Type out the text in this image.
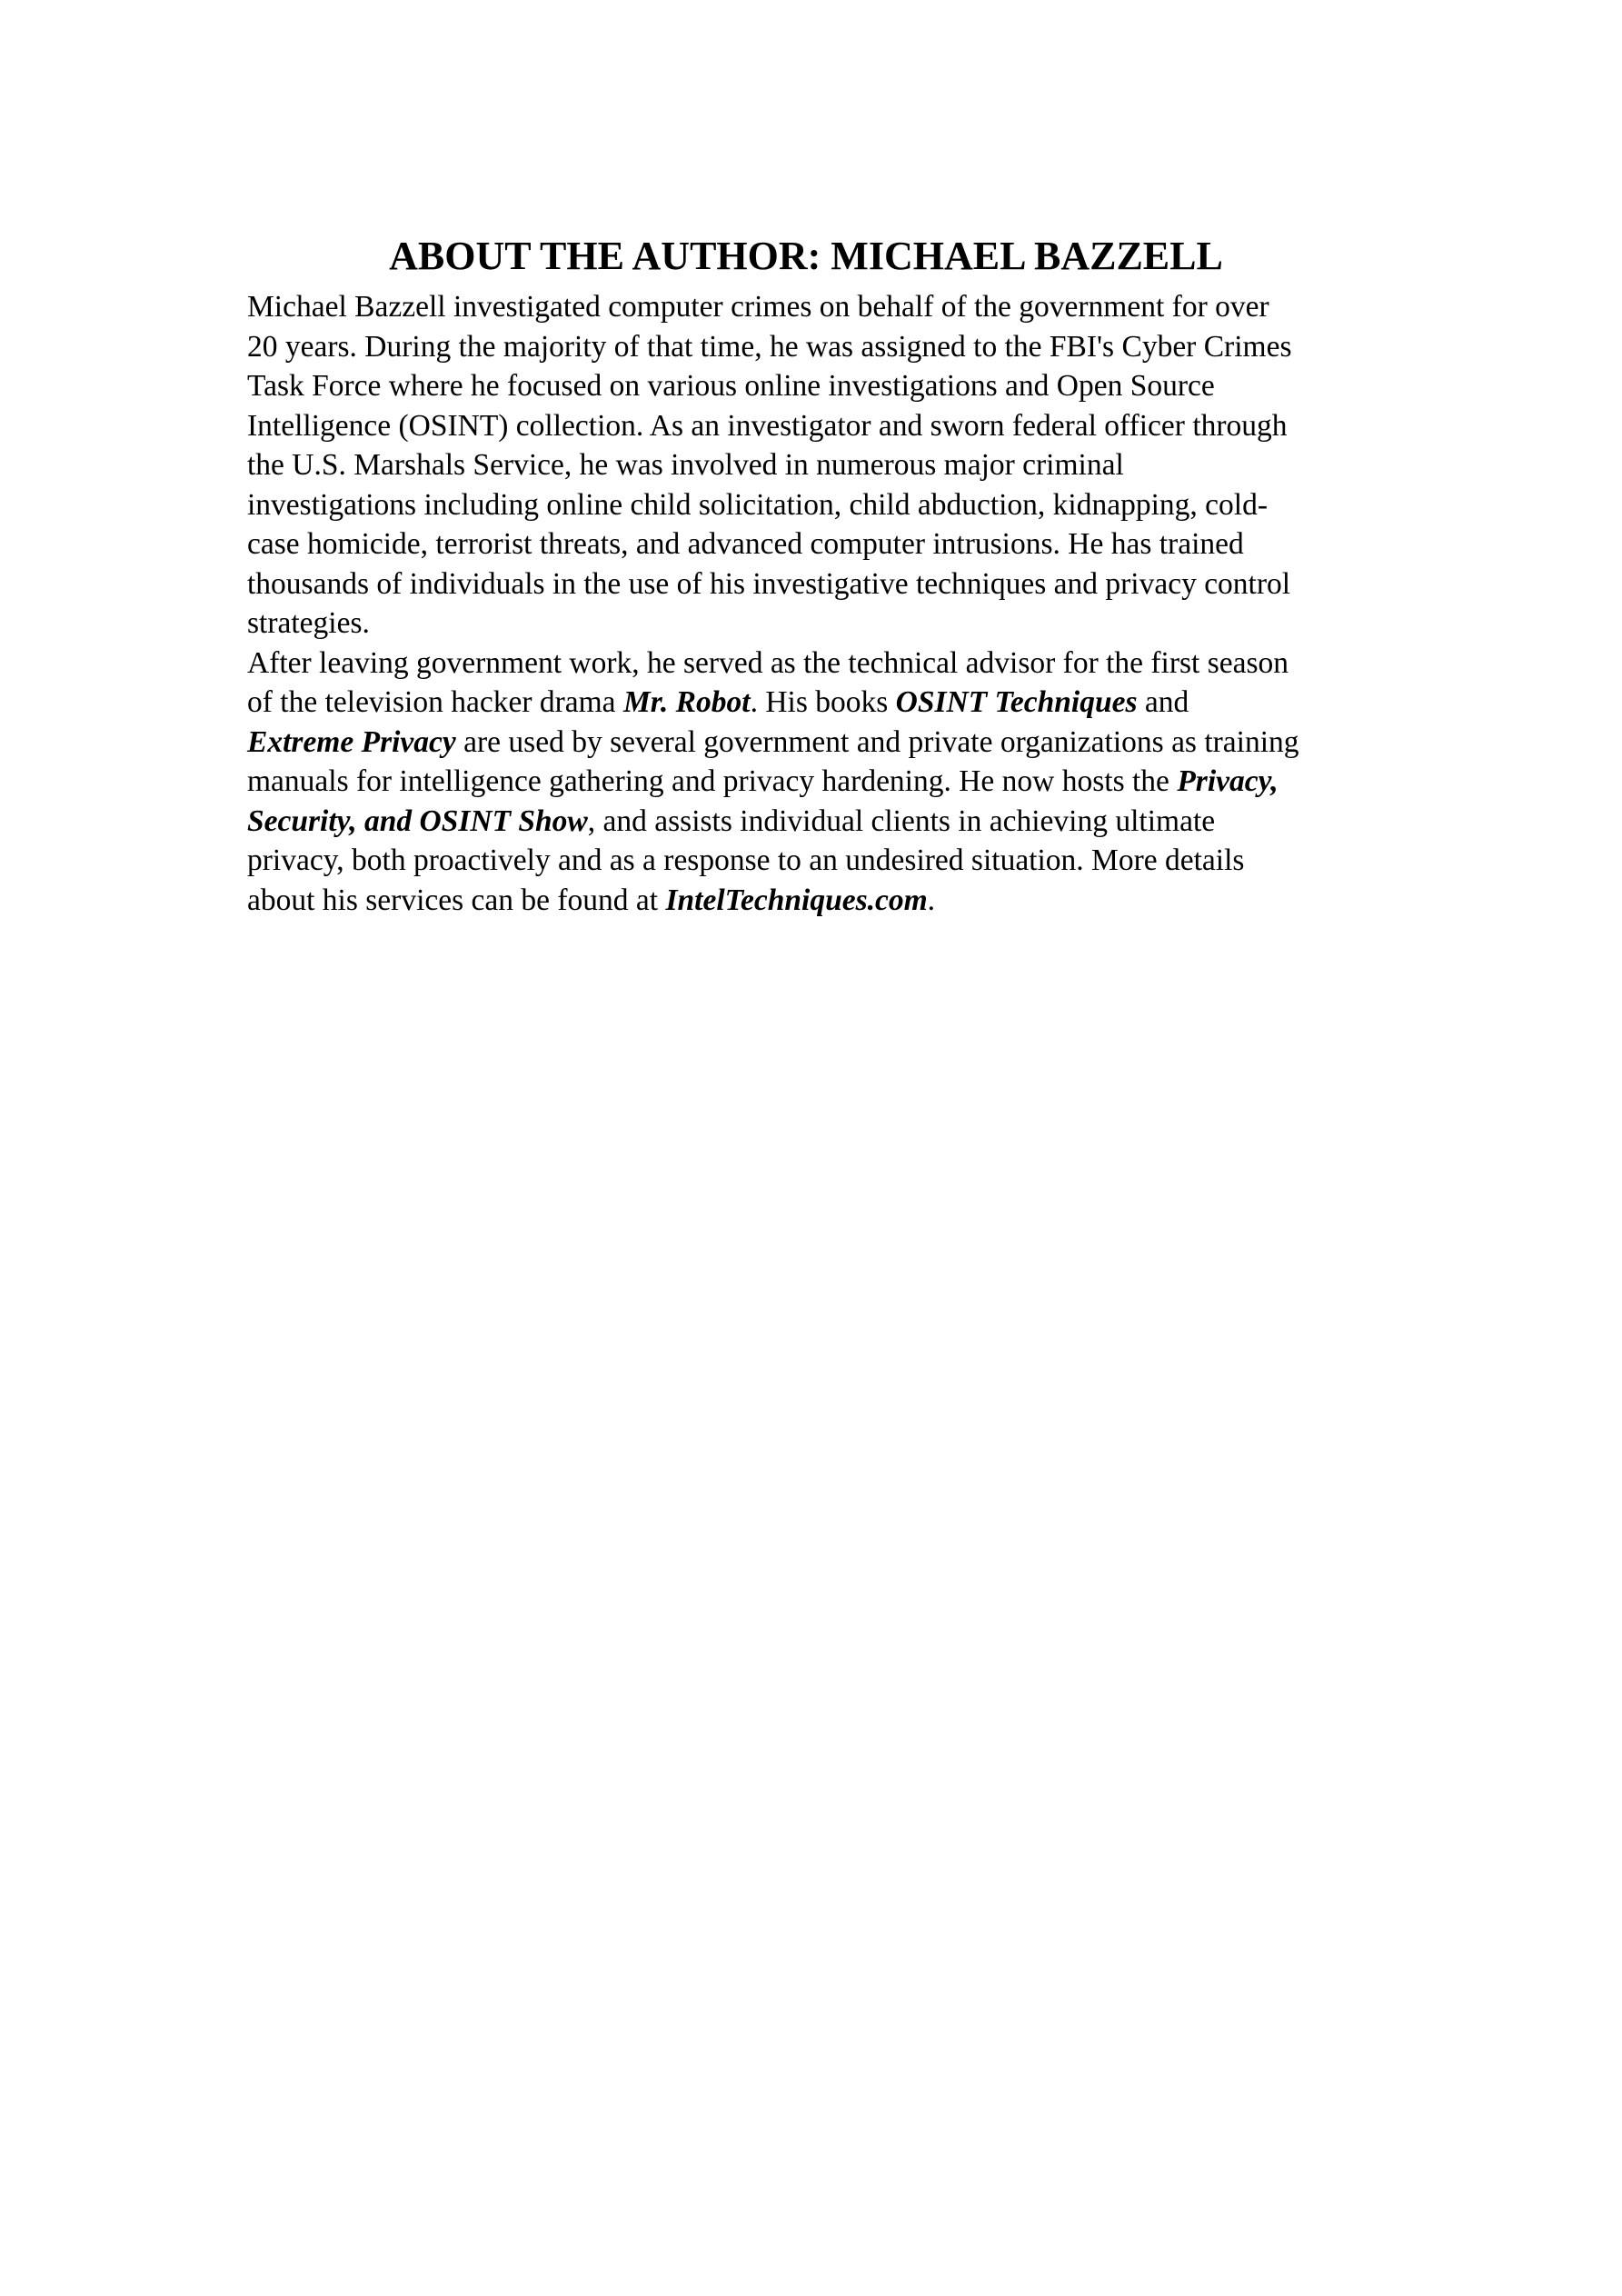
ABOUT THE AUTHOR: MICHAEL BAZZELL

Michael Bazzell investigated computer crimes on behalf of the government for over
20 years. During the majority of that time, he was assigned to the FBI's Cyber Crimes
Task Force where he focused on various online investigations and Open Source
Intelligence (OSINT) collection. As an investigator and sworn federal officer through
the U.S. Marshals Service, he was involved in numerous major criminal
investigations including online child solicitation, child abduction, kidnapping, cold-
case homicide, terrorist threats, and advanced computer intrusions. He has trained
thousands of individuals in the use of his investigative techniques and privacy control
strategies.

After leaving government work, he served as the technical advisor for the first season
of the television hacker drama Mr. Robot. His books OSINT Techniques and
Extreme Privacy are used by several government and private organizations as training
manuals for intelligence gathering and privacy hardening. He now hosts the Privacy,
Security, and OSINT Show, and assists individual clients in achieving ultimate
privacy, both proactively and as a response to an undesired situation. More details
about his services can be found at IntelTechniques.com.
